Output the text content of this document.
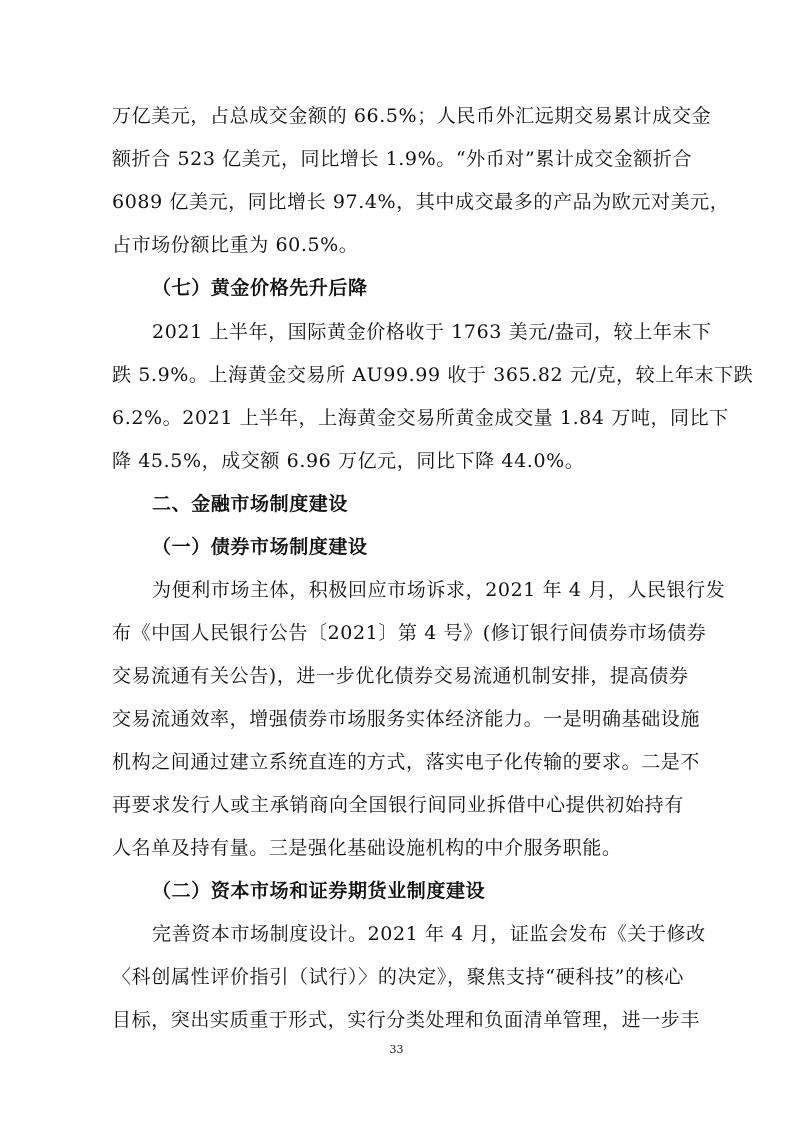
万亿美元，占总成交金额的 66.5%；人民币外汇远期交易累计成交金
额折合 523 亿美元，同比增长 1.9%。“外币对”累计成交金额折合
6089 亿美元，同比增长 97.4%，其中成交最多的产品为欧元对美元，
占市场份额比重为 60.5%。
（七）黄金价格先升后降
2021 上半年，国际黄金价格收于 1763 美元/盎司，较上年末下
跌 5.9%。上海黄金交易所 AU99.99 收于 365.82 元/克，较上年末下跌
6.2%。2021 上半年，上海黄金交易所黄金成交量 1.84 万吨，同比下
降 45.5%，成交额 6.96 万亿元，同比下降 44.0%。
二、金融市场制度建设
（一）债券市场制度建设
为便利市场主体，积极回应市场诉求，2021 年 4 月，人民银行发
布《中国人民银行公告〔2021〕第 4 号》(修订银行间债券市场债券
交易流通有关公告)，进一步优化债券交易流通机制安排，提高债券
交易流通效率，增强债券市场服务实体经济能力。一是明确基础设施
机构之间通过建立系统直连的方式，落实电子化传输的要求。二是不
再要求发行人或主承销商向全国银行间同业拆借中心提供初始持有
人名单及持有量。三是强化基础设施机构的中介服务职能。
（二）资本市场和证券期货业制度建设
完善资本市场制度设计。2021 年 4 月，证监会发布《关于修改
〈科创属性评价指引（试行）〉的决定》，聚焦支持“硬科技”的核心
目标，突出实质重于形式，实行分类处理和负面清单管理，进一步丰
33
